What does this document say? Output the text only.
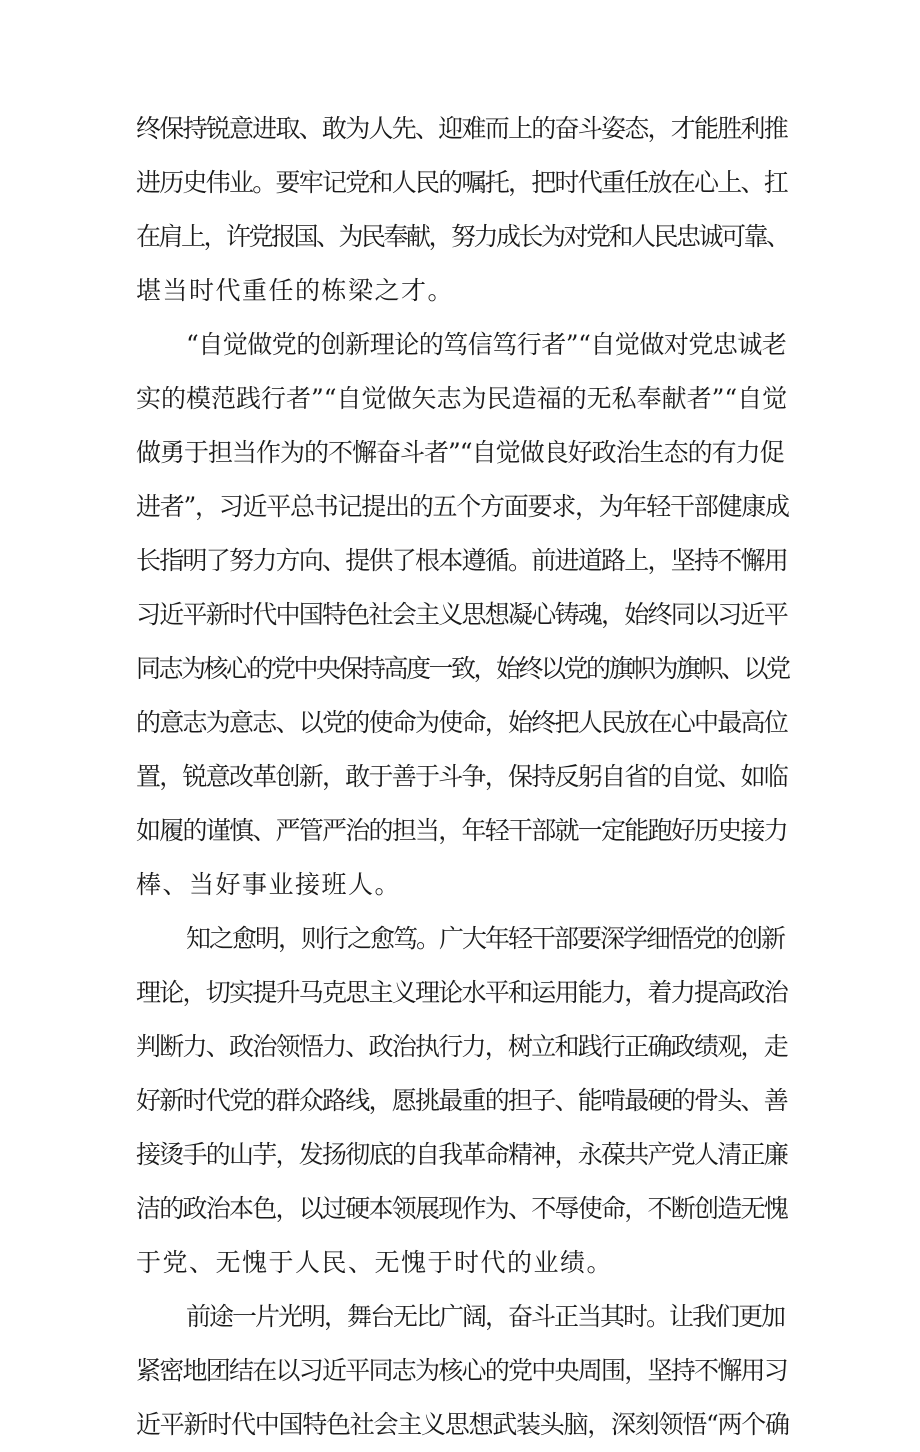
终保持锐意进取、敢为人先、迎难而上的奋斗姿态，才能胜利推
进历史伟业。要牢记党和人民的嘱托，把时代重任放在心上、扛
在肩上，许党报国、为民奉献，努力成长为对党和人民忠诚可靠、
堪当时代重任的栋梁之才。
“自觉做党的创新理论的笃信笃行者”“自觉做对党忠诚老
实的模范践行者”“自觉做矢志为民造福的无私奉献者”“自觉
做勇于担当作为的不懈奋斗者”“自觉做良好政治生态的有力促
进者”，习近平总书记提出的五个方面要求，为年轻干部健康成
长指明了努力方向、提供了根本遵循。前进道路上，坚持不懈用
习近平新时代中国特色社会主义思想凝心铸魂，始终同以习近平
同志为核心的党中央保持高度一致，始终以党的旗帜为旗帜、以党
的意志为意志、以党的使命为使命，始终把人民放在心中最高位
置，锐意改革创新，敢于善于斗争，保持反躬自省的自觉、如临
如履的谨慎、严管严治的担当，年轻干部就一定能跑好历史接力
棒、当好事业接班人。
知之愈明，则行之愈笃。广大年轻干部要深学细悟党的创新
理论，切实提升马克思主义理论水平和运用能力，着力提高政治
判断力、政治领悟力、政治执行力，树立和践行正确政绩观，走
好新时代党的群众路线，愿挑最重的担子、能啃最硬的骨头、善
接烫手的山芋，发扬彻底的自我革命精神，永葆共产党人清正廉
洁的政治本色，以过硬本领展现作为、不辱使命，不断创造无愧
于党、无愧于人民、无愧于时代的业绩。
前途一片光明，舞台无比广阔，奋斗正当其时。让我们更加
紧密地团结在以习近平同志为核心的党中央周围，坚持不懈用习
近平新时代中国特色社会主义思想武装头脑，深刻领悟“两个确
